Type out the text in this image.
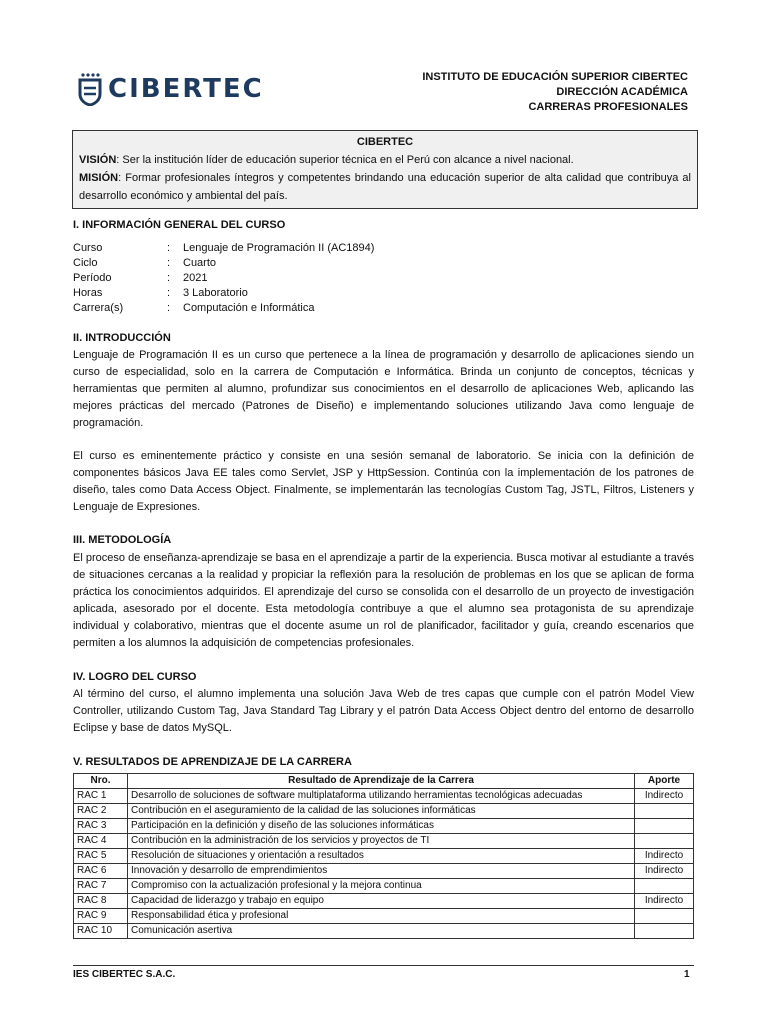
CIBERTEC	INSTITUTO DE EDUCACIÓN SUPERIOR CIBERTEC
DIRECCIÓN ACADÉMICA
CARRERAS PROFESIONALES
CIBERTEC
VISIÓN: Ser la institución líder de educación superior técnica en el Perú con alcance a nivel nacional.
MISIÓN: Formar profesionales íntegros y competentes brindando una educación superior de alta calidad que contribuya al desarrollo económico y ambiental del país.
I. INFORMACIÓN GENERAL DEL CURSO
Curso	:	Lenguaje de Programación II (AC1894)
Ciclo	:	Cuarto
Período	:	2021
Horas	:	3 Laboratorio
Carrera(s)	:	Computación e Informática
II. INTRODUCCIÓN
Lenguaje de Programación II es un curso que pertenece a la línea de programación y desarrollo de aplicaciones siendo un curso de especialidad, solo en la carrera de Computación e Informática. Brinda un conjunto de conceptos, técnicas y herramientas que permiten al alumno, profundizar sus conocimientos en el desarrollo de aplicaciones Web, aplicando las mejores prácticas del mercado (Patrones de Diseño) e implementando soluciones utilizando Java como lenguaje de programación.
El curso es eminentemente práctico y consiste en una sesión semanal de laboratorio. Se inicia con la definición de componentes básicos Java EE tales como Servlet, JSP y HttpSession. Continúa con la implementación de los patrones de diseño, tales como Data Access Object. Finalmente, se implementarán las tecnologías Custom Tag, JSTL, Filtros, Listeners y Lenguaje de Expresiones.
III. METODOLOGÍA
El proceso de enseñanza-aprendizaje se basa en el aprendizaje a partir de la experiencia. Busca motivar al estudiante a través de situaciones cercanas a la realidad y propiciar la reflexión para la resolución de problemas en los que se aplican de forma práctica los conocimientos adquiridos. El aprendizaje del curso se consolida con el desarrollo de un proyecto de investigación aplicada, asesorado por el docente. Esta metodología contribuye a que el alumno sea protagonista de su aprendizaje individual y colaborativo, mientras que el docente asume un rol de planificador, facilitador y guía, creando escenarios que permiten a los alumnos la adquisición de competencias profesionales.
IV. LOGRO DEL CURSO
Al término del curso, el alumno implementa una solución Java Web de tres capas que cumple con el patrón Model View Controller, utilizando Custom Tag, Java Standard Tag Library y el patrón Data Access Object dentro del entorno de desarrollo Eclipse y base de datos MySQL.
V. RESULTADOS DE APRENDIZAJE DE LA CARRERA
Nro.	Resultado de Aprendizaje de la Carrera	Aporte
RAC 1	Desarrollo de soluciones de software multiplataforma utilizando herramientas tecnológicas adecuadas	Indirecto
RAC 2	Contribución en el aseguramiento de la calidad de las soluciones informáticas	
RAC 3	Participación en la definición y diseño de las soluciones informáticas	
RAC 4	Contribución en la administración de los servicios y proyectos de TI	
RAC 5	Resolución de situaciones y orientación a resultados	Indirecto
RAC 6	Innovación y desarrollo de emprendimientos	Indirecto
RAC 7	Compromiso con la actualización profesional y la mejora continua	
RAC 8	Capacidad de liderazgo y trabajo en equipo	Indirecto
RAC 9	Responsabilidad ética y profesional	
RAC 10	Comunicación asertiva	
IES CIBERTEC S.A.C.	1
